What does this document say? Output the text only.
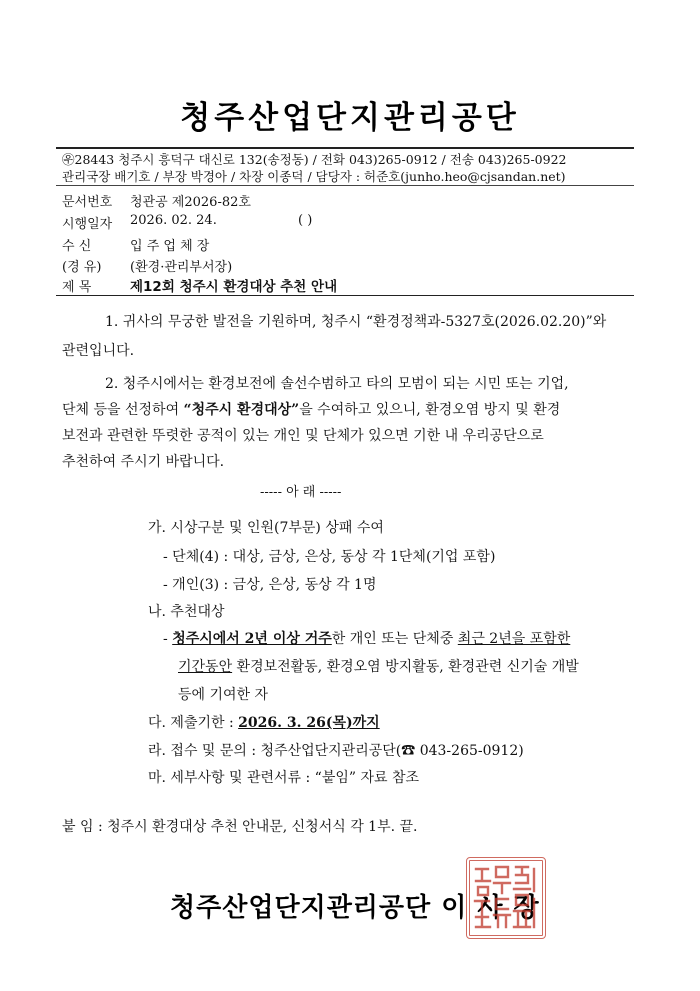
청주산업단지관리공단
㉾28443 청주시 흥덕구 대신로 132(송정동) / 전화 043)265-0912 / 전송 043)265-0922
관리국장 배기호 / 부장 박경아 / 차장 이종덕 / 담당자 : 허준호(junho.heo@cjsandan.net)
문서번호 청관공 제2026-82호
시행일자 2026. 02. 24.	( )
수 신	입 주 업 체 장
(경 유) (환경·관리부서장)
제 목	제12회 청주시 환경대상 추천 안내
1. 귀사의 무궁한 발전을 기원하며, 청주시 “환경정책과-5327호(2026.02.20)”와
관련입니다.
2. 청주시에서는 환경보전에 솔선수범하고 타의 모범이 되는 시민 또는 기업,
단체 등을 선정하여 “청주시 환경대상”을 수여하고 있으니, 환경오염 방지 및 환경
보전과 관련한 뚜렷한 공적이 있는 개인 및 단체가 있으면 기한 내 우리공단으로
추천하여 주시기 바랍니다.
----- 아 래 -----
가. 시상구분 및 인원(7부문) 상패 수여
- 단체(4) : 대상, 금상, 은상, 동상 각 1단체(기업 포함)
- 개인(3) : 금상, 은상, 동상 각 1명
나. 추천대상
- 청주시에서 2년 이상 거주한 개인 또는 단체중 최근 2년을 포함한
기간동안 환경보전활동, 환경오염 방지활동, 환경관련 신기술 개발
등에 기여한 자
다. 제출기한 : 2026. 3. 26(목)까지
라. 접수 및 문의 : 청주산업단지관리공단(☎ 043-265-0912)
마. 세부사항 및 관련서류 : “붙임” 자료 참조
붙 임 : 청주시 환경대상 추천 안내문, 신청서식 각 1부. 끝.
청주산업단지관리공단 이 사 장
